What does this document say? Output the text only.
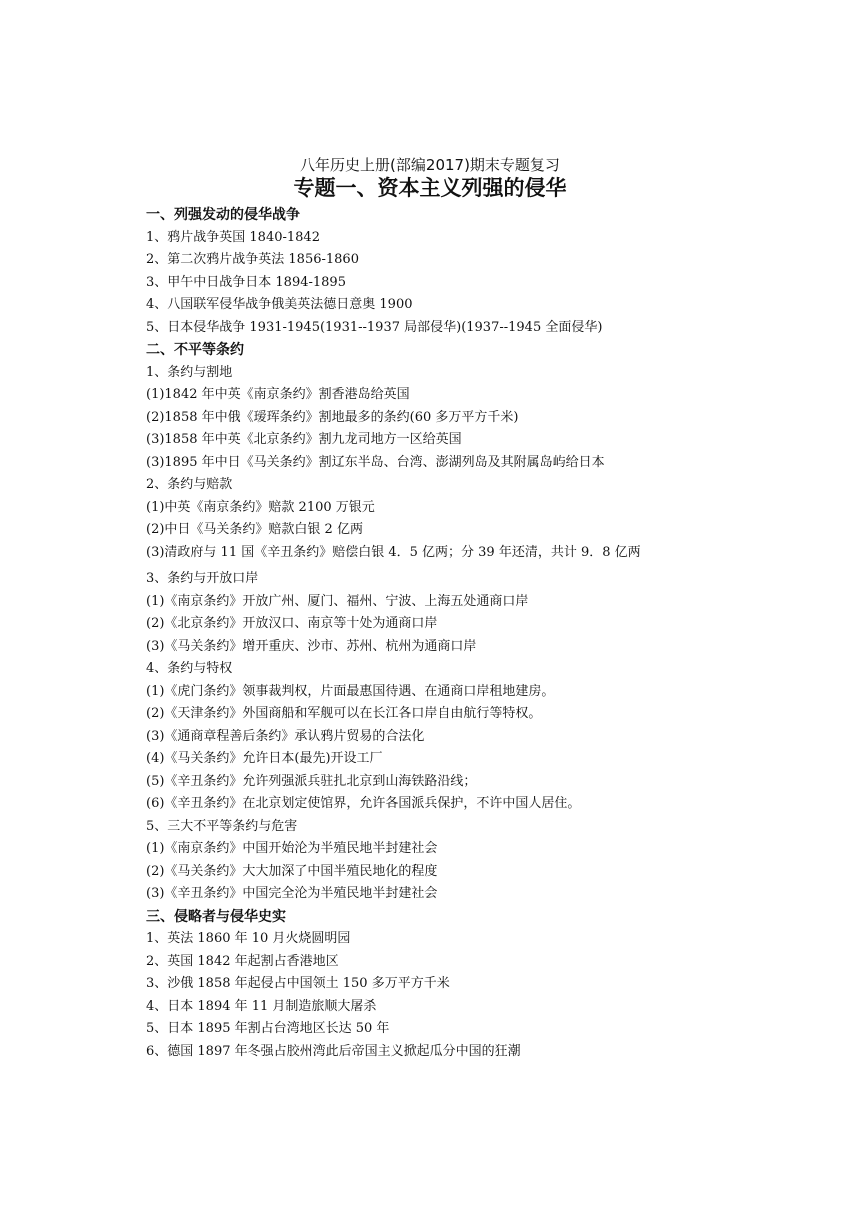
八年历史上册(部编2017)期末专题复习
专题一、资本主义列强的侵华
一、列强发动的侵华战争
1、鸦片战争英国 1840-1842
2、第二次鸦片战争英法 1856-1860
3、甲午中日战争日本 1894-1895
4、八国联军侵华战争俄美英法德日意奥 1900
5、日本侵华战争 1931-1945(1931--1937 局部侵华)(1937--1945 全面侵华)
二、不平等条约
1、条约与割地
(1)1842 年中英《南京条约》割香港岛给英国
(2)1858 年中俄《瑷珲条约》割地最多的条约(60 多万平方千米)
(3)1858 年中英《北京条约》割九龙司地方一区给英国
(3)1895 年中日《马关条约》割辽东半岛、台湾、澎湖列岛及其附属岛屿给日本
2、条约与赔款
(1)中英《南京条约》赔款 2100 万银元
(2)中日《马关条约》赔款白银 2 亿两
(3)清政府与 11 国《辛丑条约》赔偿白银 4．5 亿两；分 39 年还清，共计 9．8 亿两
3、条约与开放口岸
(1)《南京条约》开放广州、厦门、福州、宁波、上海五处通商口岸
(2)《北京条约》开放汉口、南京等十处为通商口岸
(3)《马关条约》增开重庆、沙市、苏州、杭州为通商口岸
4、条约与特权
(1)《虎门条约》领事裁判权，片面最惠国待遇、在通商口岸租地建房。
(2)《天津条约》外国商船和军舰可以在长江各口岸自由航行等特权。
(3)《通商章程善后条约》承认鸦片贸易的合法化
(4)《马关条约》允许日本(最先)开设工厂
(5)《辛丑条约》允许列强派兵驻扎北京到山海铁路沿线；
(6)《辛丑条约》在北京划定使馆界，允许各国派兵保护，不许中国人居住。
5、三大不平等条约与危害
(1)《南京条约》中国开始沦为半殖民地半封建社会
(2)《马关条约》大大加深了中国半殖民地化的程度
(3)《辛丑条约》中国完全沦为半殖民地半封建社会
三、侵略者与侵华史实
1、英法 1860 年 10 月火烧圆明园
2、英国 1842 年起割占香港地区
3、沙俄 1858 年起侵占中国领土 150 多万平方千米
4、日本 1894 年 11 月制造旅顺大屠杀
5、日本 1895 年割占台湾地区长达 50 年
6、德国 1897 年冬强占胶州湾此后帝国主义掀起瓜分中国的狂潮
